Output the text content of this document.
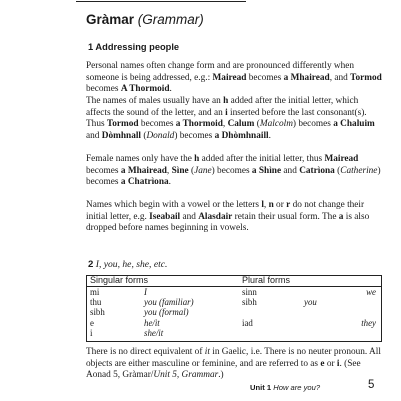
Gràmar (Grammar)
1 Addressing people

Personal names often change form and are pronounced differently when someone is being addressed, e.g.: Mairead becomes a Mhairead, and Tormod becomes A Thormoid.

The names of males usually have an h added after the initial letter, which affects the sound of the letter, and an i inserted before the last consonant(s). Thus Tormod becomes a Thormoid, Calum (Malcolm) becomes a Chaluim and Dòmhnall (Donald) becomes a Dhòmhnaill.

Female names only have the h added after the initial letter, thus Mairead becomes a Mhairead, Sìne (Jane) becomes a Shìne and Catrìona (Catherine) becomes a Chatrìona.

Names which begin with a vowel or the letters l, n or r do not change their initial letter, e.g. Iseabail and Alasdair retain their usual form. The a is also dropped before names beginning in vowels.

2 I, you, he, she, etc.
Singular forms		Plural forms		
mi	I	sinn		we
thu	you (familiar)	sibh	you	
sibh	you (formal)			
e	he/it	iad		they
i	she/it			

There is no direct equivalent of it in Gaelic, i.e. There is no neuter pronoun. All objects are either masculine or feminine, and are referred to as e or i. (See Aonad 5, Gràmar/Unit 5, Grammar.)

Unit 1 How are you?	5
